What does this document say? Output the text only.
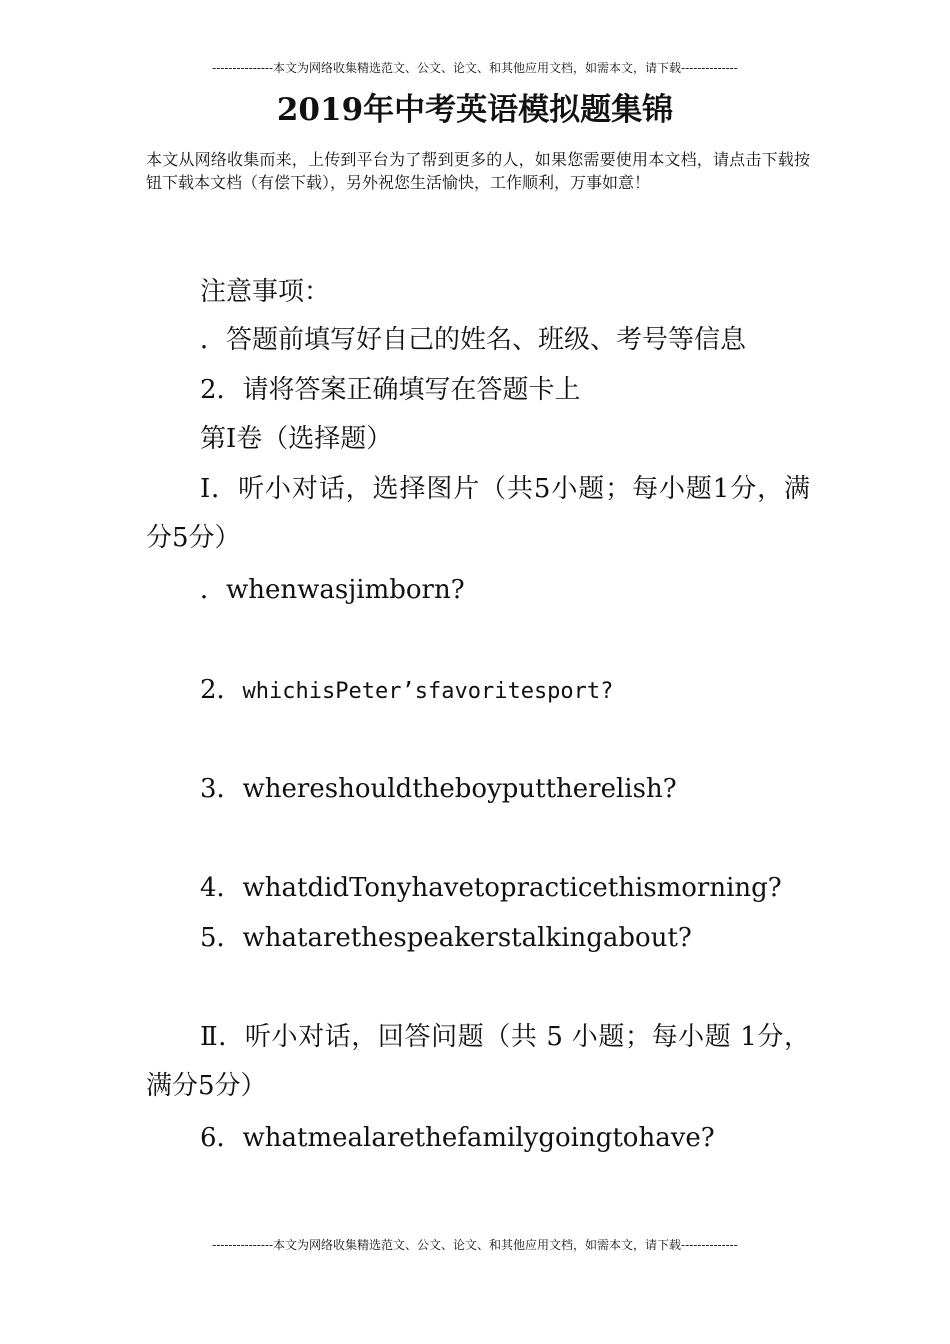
---------------本文为网络收集精选范文、公文、论文、和其他应用文档，如需本文，请下载--------------
2019年中考英语模拟题集锦
本文从网络收集而来，上传到平台为了帮到更多的人，如果您需要使用本文档，请点击下载按钮下载本文档（有偿下载），另外祝您生活愉快，工作顺利，万事如意！
注意事项：
．答题前填写好自己的姓名、班级、考号等信息
2．请将答案正确填写在答题卡上
第I卷（选择题）
I．听小对话，选择图片（共5小题；每小题1分，满分5分）
．whenwasjimborn?
2．whichisPeter’sfavoritesport?
3．whereshouldtheboyputtherelish?
4．whatdidTonyhavetopracticethismorning?
5．whatarethespeakerstalkingabout?
Ⅱ．听小对话，回答问题（共 5 小题；每小题 1分，满分5分）
6．whatmealarethefamilygoingtohave?
---------------本文为网络收集精选范文、公文、论文、和其他应用文档，如需本文，请下载--------------
